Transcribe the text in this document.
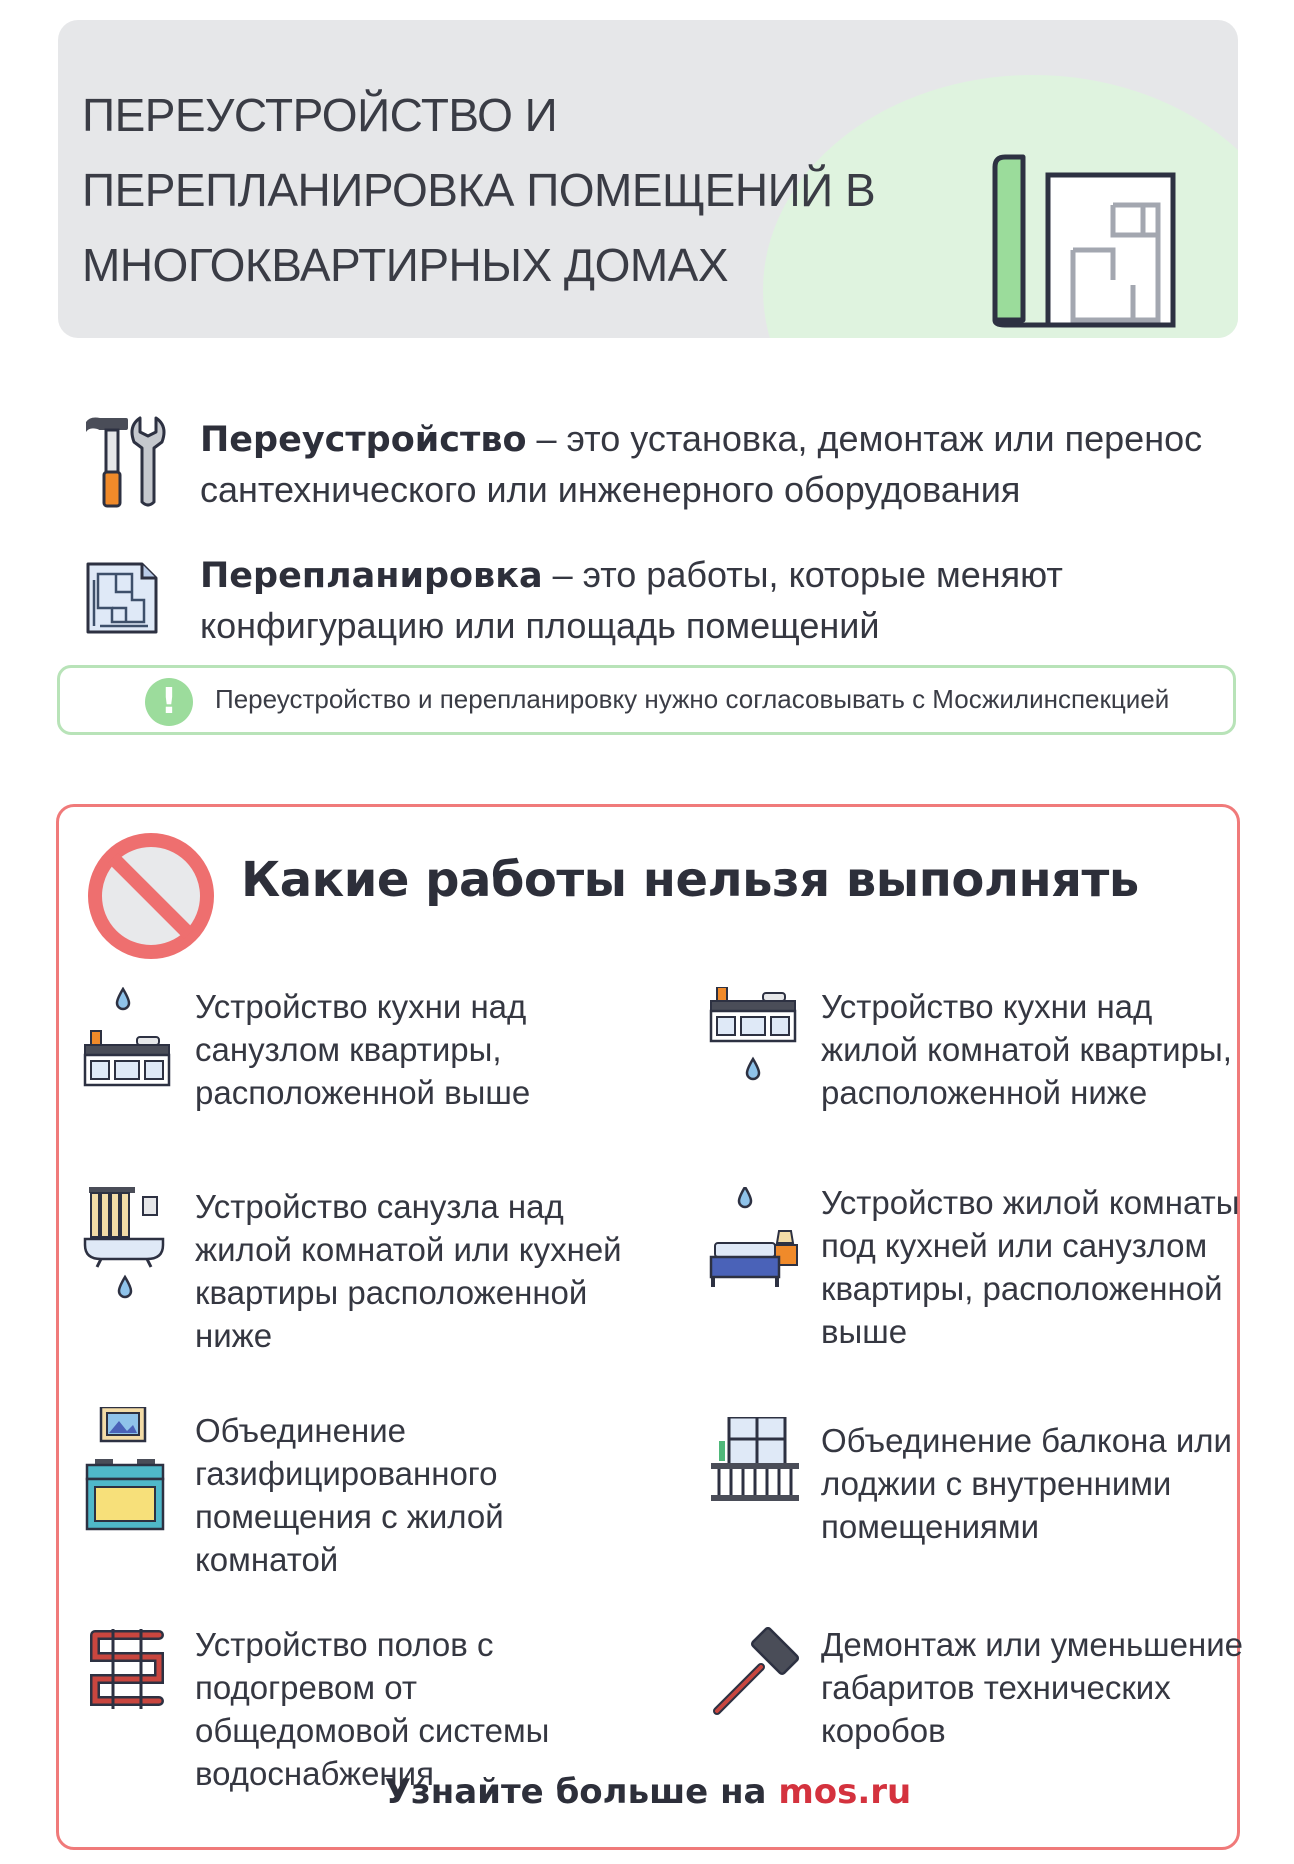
ПЕРЕУСТРОЙСТВО И ПЕРЕПЛАНИРОВКА ПОМЕЩЕНИЙ В МНОГОКВАРТИРНЫХ ДОМАХ
Переустройство – это установка, демонтаж или перенос сантехнического или инженерного оборудования
Перепланировка – это работы, которые меняют конфигурацию или площадь помещений
!	Переустройство и перепланировку нужно согласовывать с Мосжилинспекцией
Какие работы нельзя выполнять
Устройство кухни над санузлом квартиры, расположенной выше
Устройство кухни над жилой комнатой квартиры, расположенной ниже
Устройство санузла над жилой комнатой или кухней квартиры расположенной ниже
Устройство жилой комнаты под кухней или санузлом квартиры, расположенной выше
Объединение газифицированного помещения с жилой комнатой
Объединение балкона или лоджии с внутренними помещениями
Устройство полов с подогревом от общедомовой системы водоснабжения
Демонтаж или уменьшение габаритов технических коробов
Узнайте больше на mos.ru
